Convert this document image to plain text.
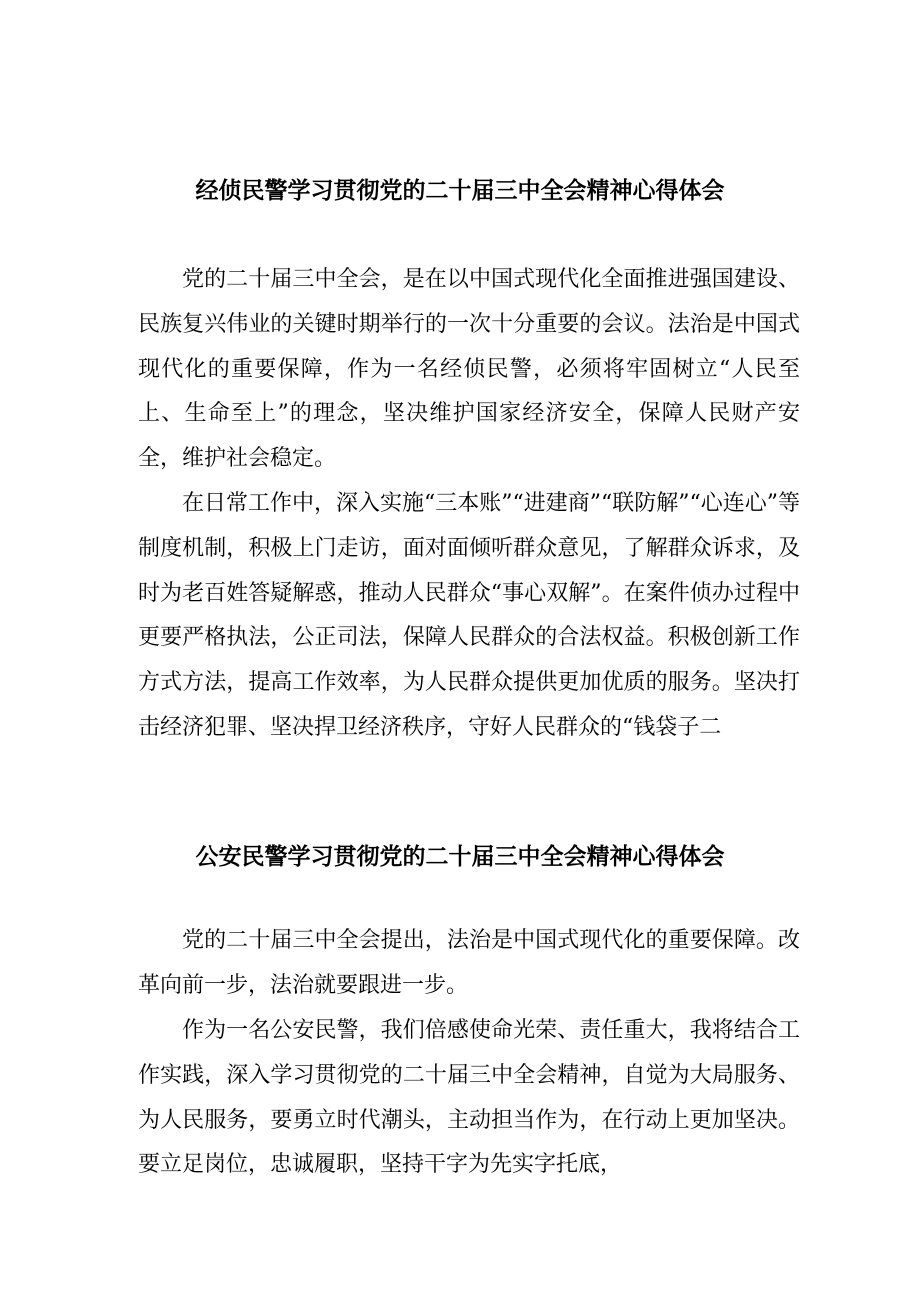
经侦民警学习贯彻党的二十届三中全会精神心得体会

党的二十届三中全会，是在以中国式现代化全面推进强国建设、民族复兴伟业的关键时期举行的一次十分重要的会议。法治是中国式现代化的重要保障，作为一名经侦民警，必须将牢固树立“人民至上、生命至上”的理念，坚决维护国家经济安全，保障人民财产安全，维护社会稳定。

在日常工作中，深入实施“三本账”“进建商”“联防解”“心连心”等制度机制，积极上门走访，面对面倾听群众意见，了解群众诉求，及时为老百姓答疑解惑，推动人民群众“事心双解”。在案件侦办过程中更要严格执法，公正司法，保障人民群众的合法权益。积极创新工作方式方法，提高工作效率，为人民群众提供更加优质的服务。坚决打击经济犯罪、坚决捍卫经济秩序，守好人民群众的“钱袋子二

公安民警学习贯彻党的二十届三中全会精神心得体会

党的二十届三中全会提出，法治是中国式现代化的重要保障。改革向前一步，法治就要跟进一步。

作为一名公安民警，我们倍感使命光荣、责任重大，我将结合工作实践，深入学习贯彻党的二十届三中全会精神，自觉为大局服务、为人民服务，要勇立时代潮头，主动担当作为，在行动上更加坚决。要立足岗位，忠诚履职，坚持干字为先实字托底，
